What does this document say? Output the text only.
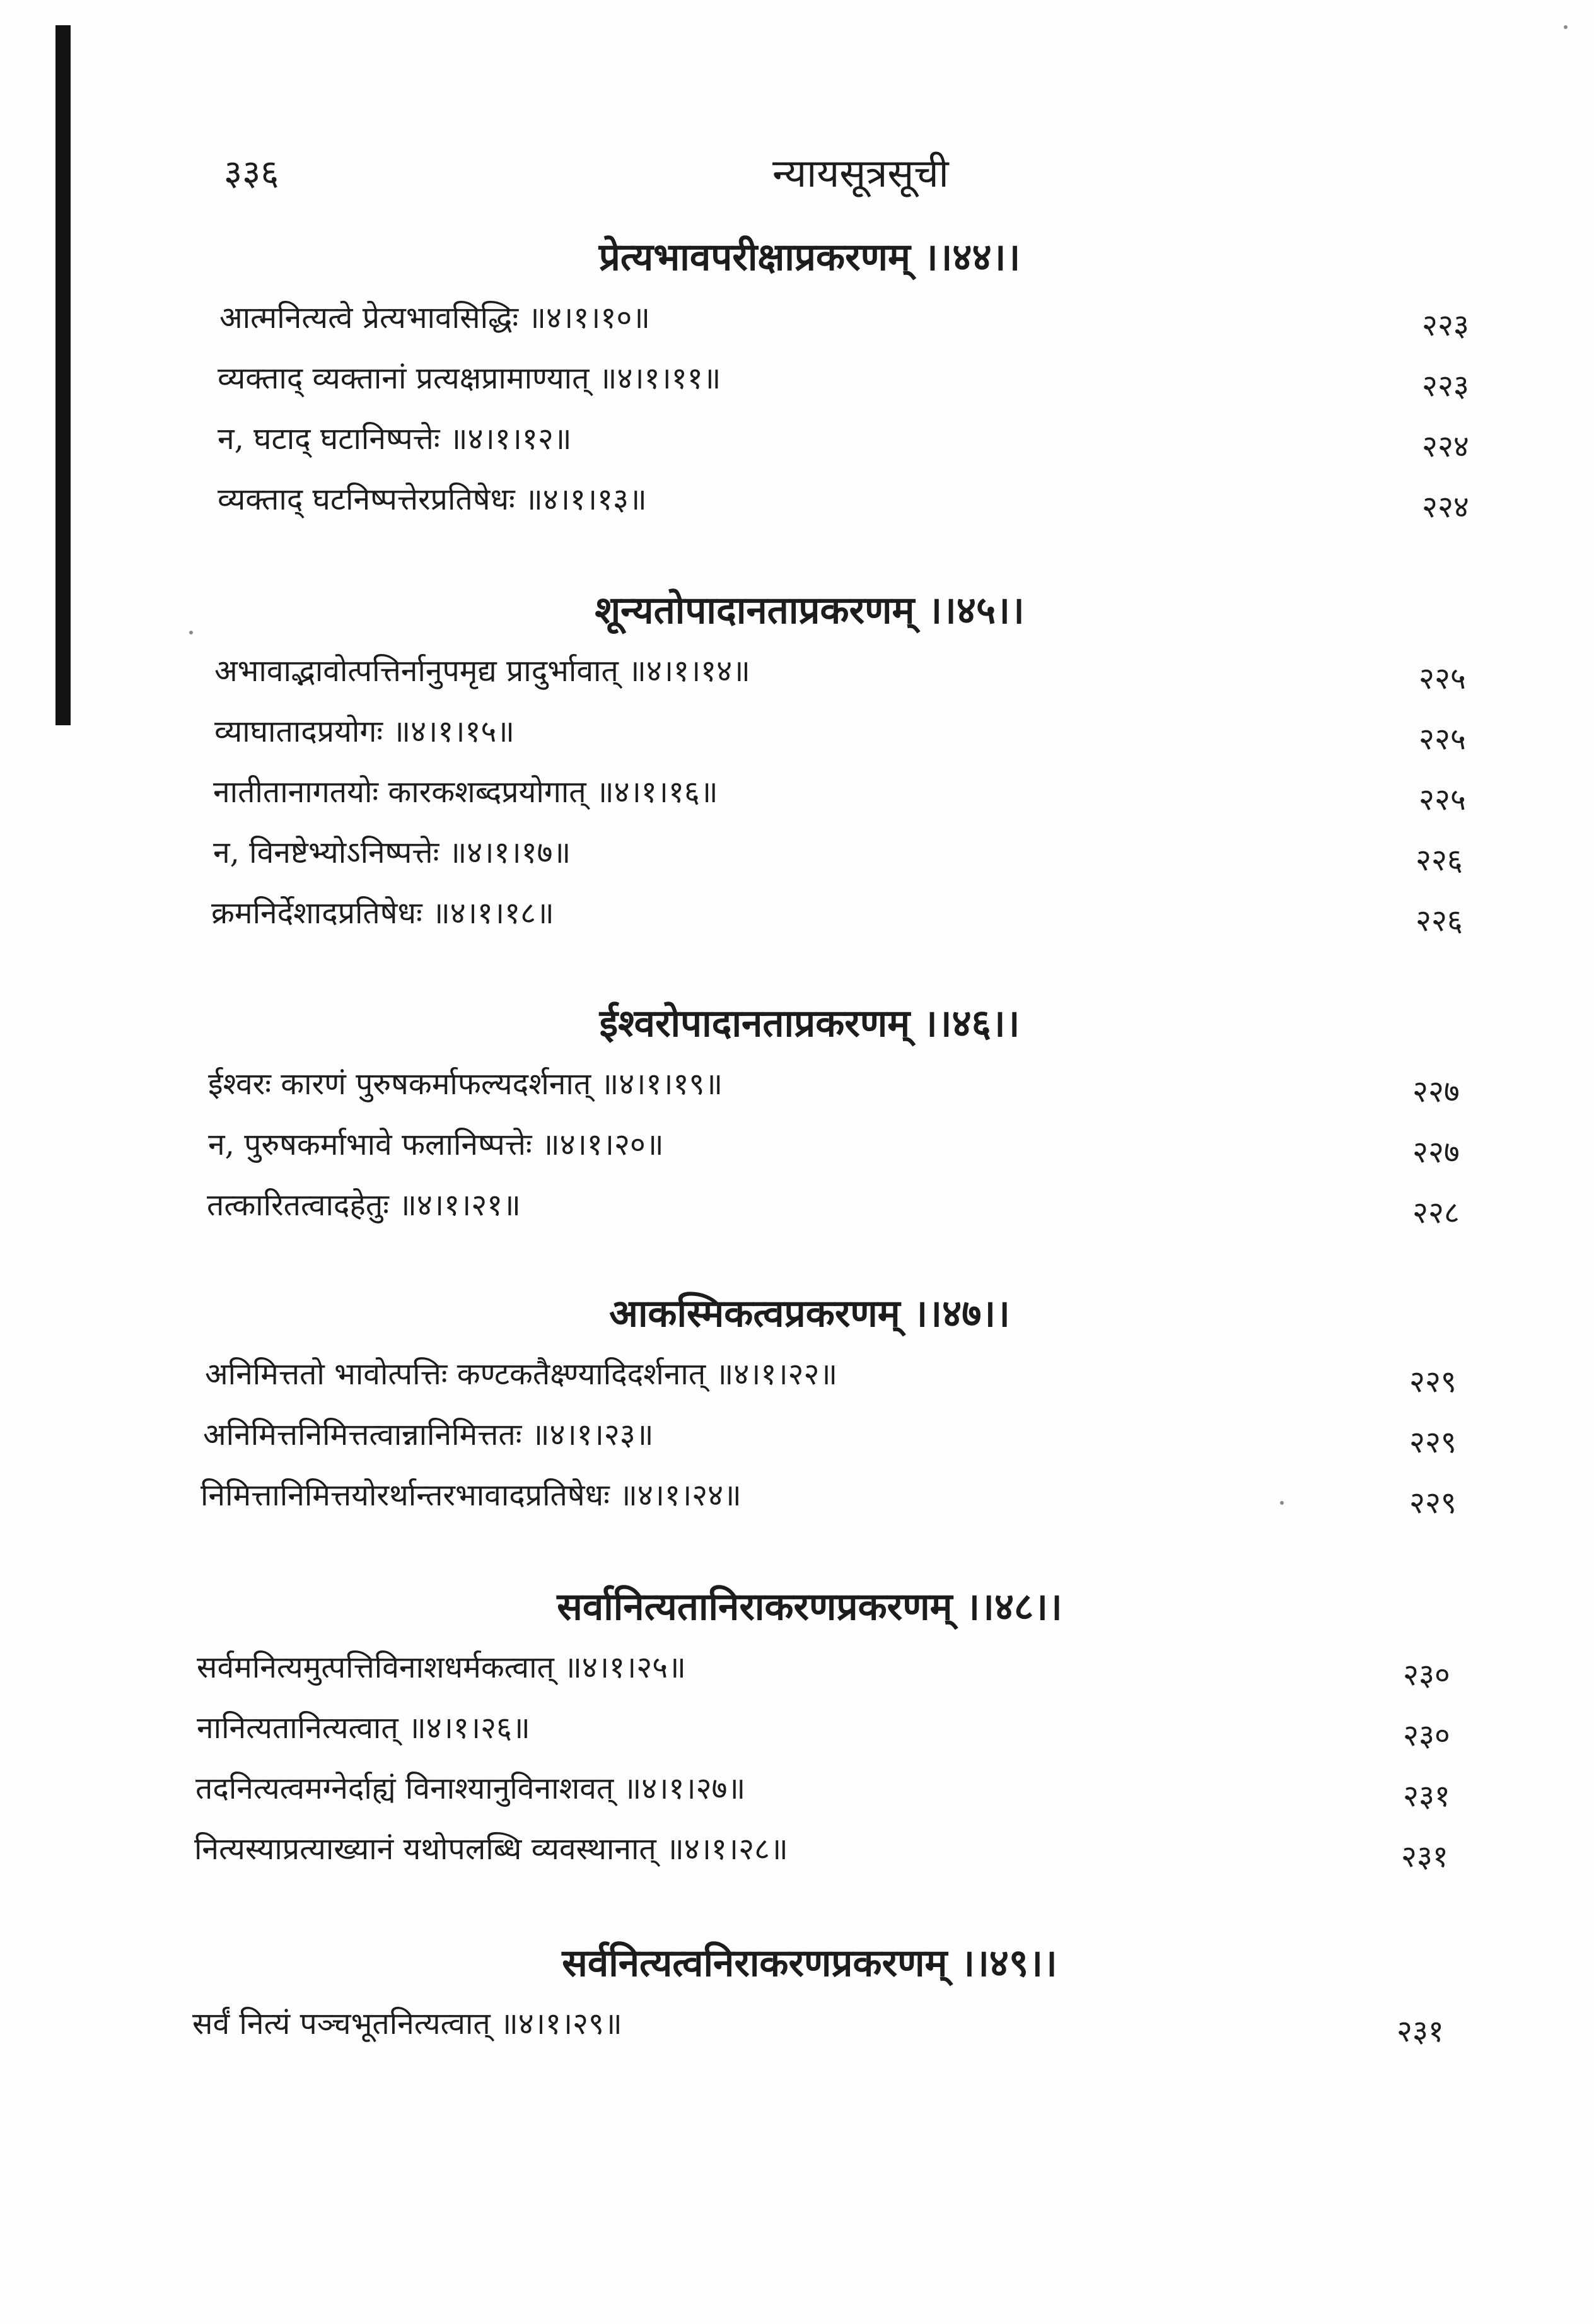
३३६	न्यायसूत्रसूची
प्रेत्यभावपरीक्षाप्रकरणम् ।।४४।।
आत्मनित्यत्वे प्रेत्यभावसिद्धिः ॥४।१।१०॥	२२३
व्यक्ताद् व्यक्तानां प्रत्यक्षप्रामाण्यात् ॥४।१।११॥	२२३
न, घटाद् घटानिष्पत्तेः ॥४।१।१२॥	२२४
व्यक्ताद् घटनिष्पत्तेरप्रतिषेधः ॥४।१।१३॥	२२४
शून्यतोपादानताप्रकरणम् ।।४५।।
अभावाद्भावोत्पत्तिर्नानुपमृद्य प्रादुर्भावात् ॥४।१।१४॥	२२५
व्याघातादप्रयोगः ॥४।१।१५॥	२२५
नातीतानागतयोः कारकशब्दप्रयोगात् ॥४।१।१६॥	२२५
न, विनष्टेभ्योऽनिष्पत्तेः ॥४।१।१७॥	२२६
क्रमनिर्देशादप्रतिषेधः ॥४।१।१८॥	२२६
ईश्वरोपादानताप्रकरणम् ।।४६।।
ईश्वरः कारणं पुरुषकर्माफल्यदर्शनात् ॥४।१।१९॥	२२७
न, पुरुषकर्माभावे फलानिष्पत्तेः ॥४।१।२०॥	२२७
तत्कारितत्वादहेतुः ॥४।१।२१॥	२२८
आकस्मिकत्वप्रकरणम् ।।४७।।
अनिमित्ततो भावोत्पत्तिः कण्टकतैक्ष्ण्यादिदर्शनात् ॥४।१।२२॥	२२९
अनिमित्तनिमित्तत्वान्नानिमित्ततः ॥४।१।२३॥	२२९
निमित्तानिमित्तयोरर्थान्तरभावादप्रतिषेधः ॥४।१।२४॥	२२९
सर्वानित्यतानिराकरणप्रकरणम् ।।४८।।
सर्वमनित्यमुत्पत्तिविनाशधर्मकत्वात् ॥४।१।२५॥	२३०
नानित्यतानित्यत्वात् ॥४।१।२६॥	२३०
तदनित्यत्वमग्नेर्दाह्यं विनाश्यानुविनाशवत् ॥४।१।२७॥	२३१
नित्यस्याप्रत्याख्यानं यथोपलब्धि व्यवस्थानात् ॥४।१।२८॥	२३१
सर्वनित्यत्वनिराकरणप्रकरणम् ।।४९।।
सर्वं नित्यं पञ्चभूतनित्यत्वात् ॥४।१।२९॥	२३१
